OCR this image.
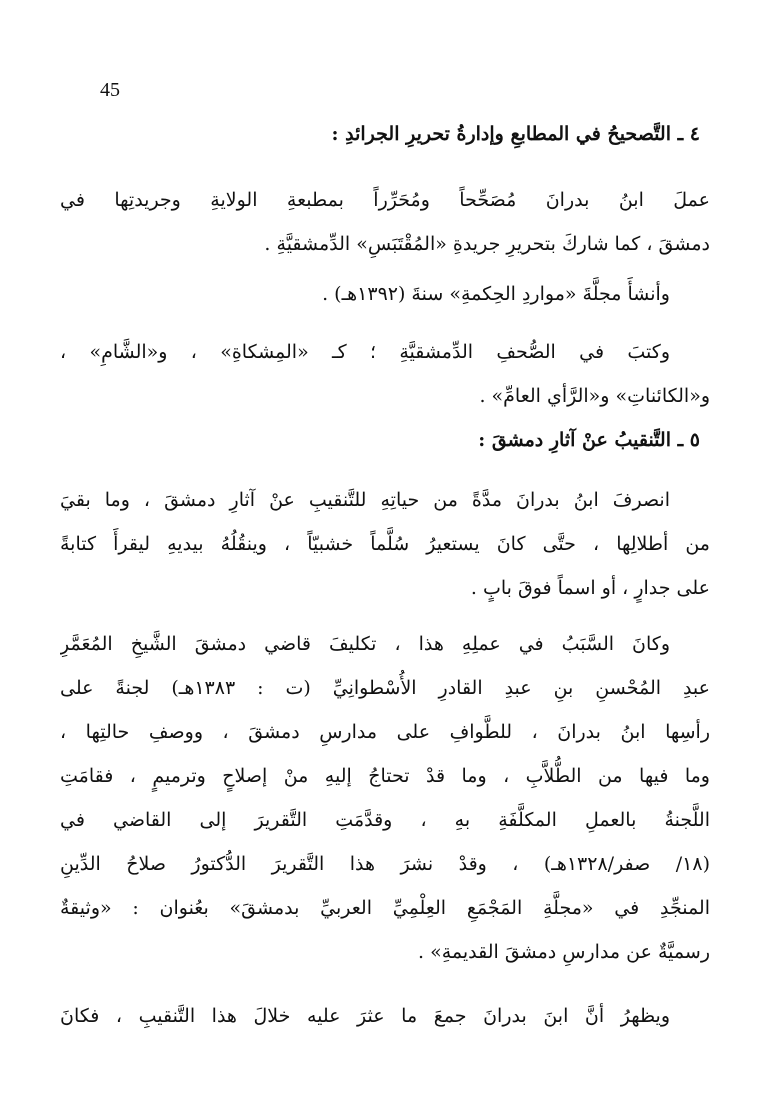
45
٤ ـ التَّصحيحُ في المطابعِ وإدارةُ تحريرِ الجرائدِ :
عملَ ابنُ بدرانَ مُصَحِّحاً ومُحَرِّراً بمطبعةِ الولايةِ وجريدتِها في
دمشقَ ، كما شاركَ بتحريرِ جريدةِ «المُقْتَبَسِ» الدِّمشقيَّةِ .
وأنشأَ مجلَّةَ «مواردِ الحِكمةِ» سنةَ (١٣٩٢هـ) .
وكتبَ في الصُّحفِ الدِّمشقيَّةِ ؛ كـ «المِشكاةِ» ، و«الشَّامِ» ،
و«الكائناتِ» و«الرَّأي العامِّ» .
٥ ـ التَّنقيبُ عنْ آثارِ دمشقَ :
انصرفَ ابنُ بدرانَ مدَّةً من حياتِهِ للتَّنقيبِ عنْ آثارِ دمشقَ ، وما بقيَ
من أطلالِها ، حتَّى كانَ يستعيرُ سُلَّماً خشبيّاً ، وينقُلُهُ بيديهِ ليقرأَ كتابةً
على جدارٍ ، أو اسماً فوقَ بابٍ .
وكانَ السَّبَبُ في عملِهِ هذا ، تكليفَ قاضي دمشقَ الشَّيخِ المُعَمَّرِ
عبدِ المُحْسنِ بنِ عبدِ القادرِ الأُسْطوانِيِّ (ت : ١٣٨٣هـ) لجنةً على
رأسِها ابنُ بدرانَ ، للطَّوافِ على مدارسِ دمشقَ ، ووصفِ حالتِها ،
وما فيها من الطُّلاَّبِ ، وما قدْ تحتاجُ إليهِ منْ إصلاحٍ وترميمٍ ، فقامَتِ
اللَّجنةُ بالعملِ المكلَّفَةِ بهِ ، وقدَّمَتِ التَّقريرَ إلى القاضي في
(١٨/ صفر/١٣٢٨هـ) ، وقدْ نشرَ هذا التَّقريرَ الدُّكتورُ صلاحُ الدِّينِ
المنجِّدِ في «مجلَّةِ المَجْمَعِ العِلْمِيِّ العربيِّ بدمشقَ» بعُنوان : «وثيقةٌ
رسميَّةٌ عن مدارسِ دمشقَ القديمةِ» .
ويظهرُ أنَّ ابنَ بدرانَ جمعَ ما عثرَ عليه خلالَ هذا التَّنقيبِ ، فكانَ
